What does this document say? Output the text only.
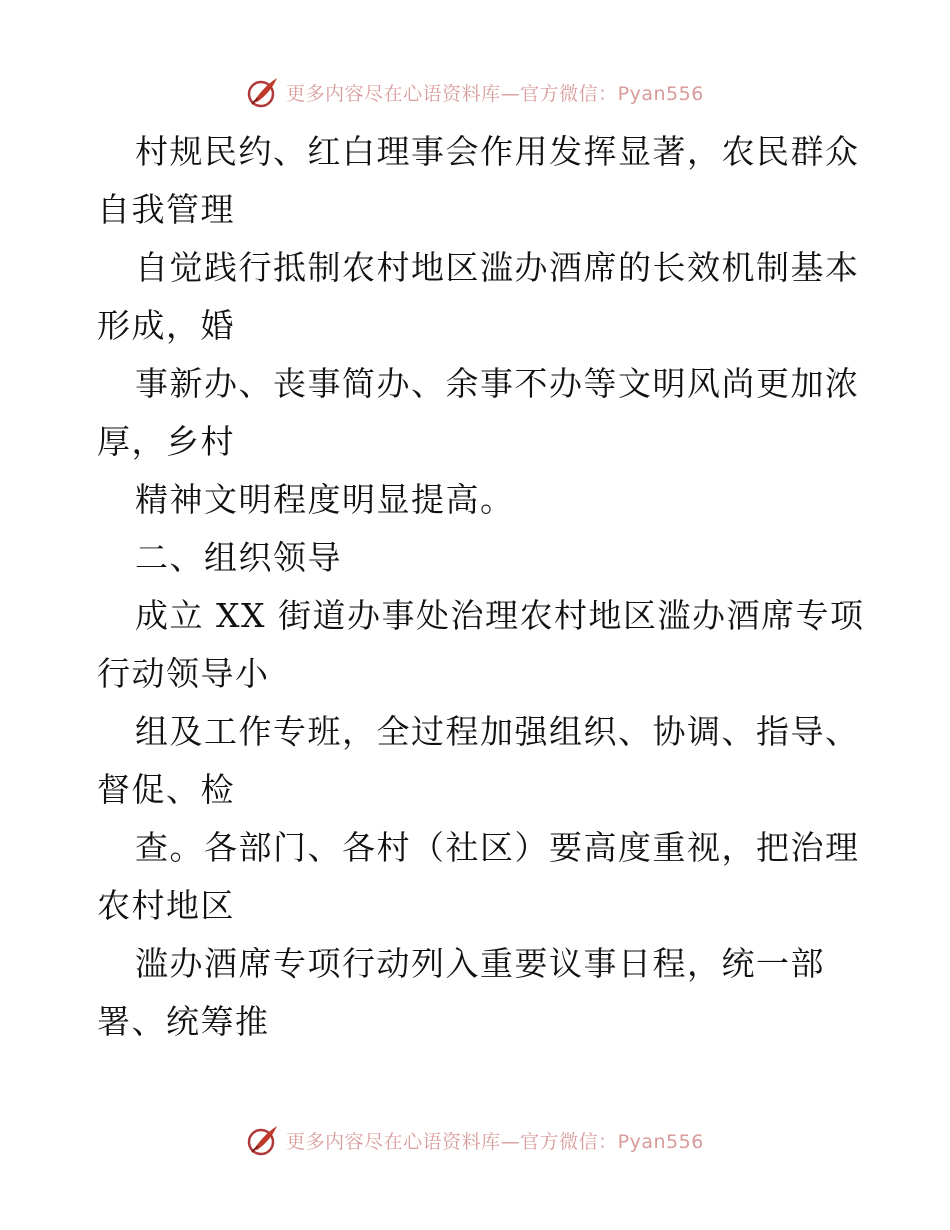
更多内容尽在心语资料库—官方微信：Pyan556
村规民约、红白理事会作用发挥显著，农民群众
自我管理
自觉践行抵制农村地区滥办酒席的长效机制基本
形成，婚
事新办、丧事简办、余事不办等文明风尚更加浓
厚，乡村
精神文明程度明显提高。
二、组织领导
成立 XX 街道办事处治理农村地区滥办酒席专项
行动领导小
组及工作专班，全过程加强组织、协调、指导、
督促、检
查。各部门、各村（社区）要高度重视，把治理
农村地区
滥办酒席专项行动列入重要议事日程，统一部
署、统筹推
更多内容尽在心语资料库—官方微信：Pyan556
